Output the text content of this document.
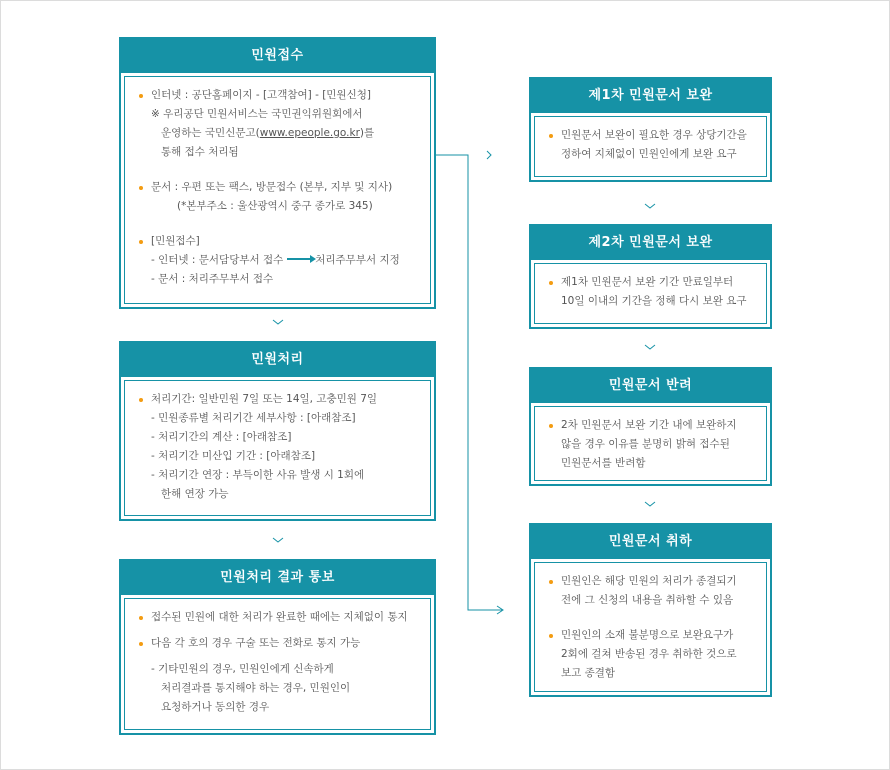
민원접수
인터넷 : 공단홈페이지 - [고객참여] - [민원신청]
※ 우리공단 민원서비스는 국민권익위원회에서
운영하는 국민신문고(www.epeople.go.kr)를
통해 접수 처리됨
문서 : 우편 또는 팩스, 방문접수 (본부, 지부 및 지사)
(*본부주소 : 울산광역시 중구 종가로 345)
[민원접수]
- 인터넷 : 문서담당부서 접수	처리주무부서 지정
- 문서 : 처리주무부서 접수
민원처리
처리기간: 일반민원 7일 또는 14일, 고충민원 7일
- 민원종류별 처리기간 세부사항 : [아래참조]
- 처리기간의 계산 : [아래참조]
- 처리기간 미산입 기간 : [아래참조]
- 처리기간 연장 : 부득이한 사유 발생 시 1회에
한해 연장 가능
민원처리 결과 통보
접수된 민원에 대한 처리가 완료한 때에는 지체없이 통지
다음 각 호의 경우 구술 또는 전화로 통지 가능
- 기타민원의 경우, 민원인에게 신속하게
처리결과를 통지해야 하는 경우, 민원인이
요청하거나 동의한 경우
제1차 민원문서 보완
민원문서 보완이 필요한 경우 상당기간을
정하여 지체없이 민원인에게 보완 요구
제2차 민원문서 보완
제1차 민원문서 보완 기간 만료일부터
10일 이내의 기간을 정해 다시 보완 요구
민원문서 반려
2차 민원문서 보완 기간 내에 보완하지
않을 경우 이유를 분명히 밝혀 접수된
민원문서를 반려함
민원문서 취하
민원인은 해당 민원의 처리가 종결되기
전에 그 신청의 내용을 취하할 수 있음
민원인의 소재 불분명으로 보완요구가
2회에 걸쳐 반송된 경우 취하한 것으로
보고 종결함
